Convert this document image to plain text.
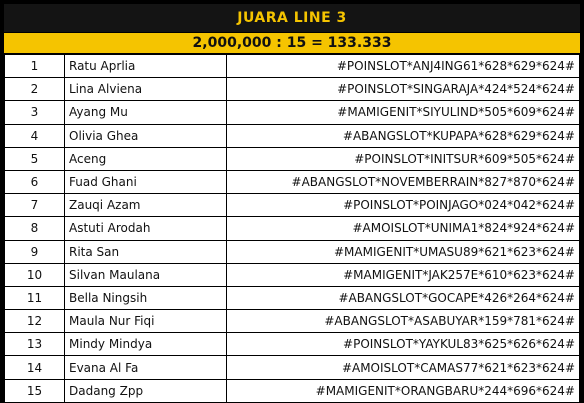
JUARA LINE 3
2,000,000 : 15 = 133.333
1	Ratu Aprlia	#POINSLOT*ANJ4ING61*628*629*624#
2	Lina Alviena	#POINSLOT*SINGARAJA*424*524*624#
3	Ayang Mu	#MAMIGENIT*SIYULIND*505*609*624#
4	Olivia Ghea	#ABANGSLOT*KUPAPA*628*629*624#
5	Aceng	#POINSLOT*INITSUR*609*505*624#
6	Fuad Ghani	#ABANGSLOT*NOVEMBERRAIN*827*870*624#
7	Zauqi Azam	#POINSLOT*POINJAGO*024*042*624#
8	Astuti Arodah	#AMOISLOT*UNIMA1*824*924*624#
9	Rita San	#MAMIGENIT*UMASU89*621*623*624#
10	Silvan Maulana	#MAMIGENIT*JAK257E*610*623*624#
11	Bella Ningsih	#ABANGSLOT*GOCAPE*426*264*624#
12	Maula Nur Fiqi	#ABANGSLOT*ASABUYAR*159*781*624#
13	Mindy Mindya	#POINSLOT*YAYKUL83*625*626*624#
14	Evana Al Fa	#AMOISLOT*CAMAS77*621*623*624#
15	Dadang Zpp	#MAMIGENIT*ORANGBARU*244*696*624#
